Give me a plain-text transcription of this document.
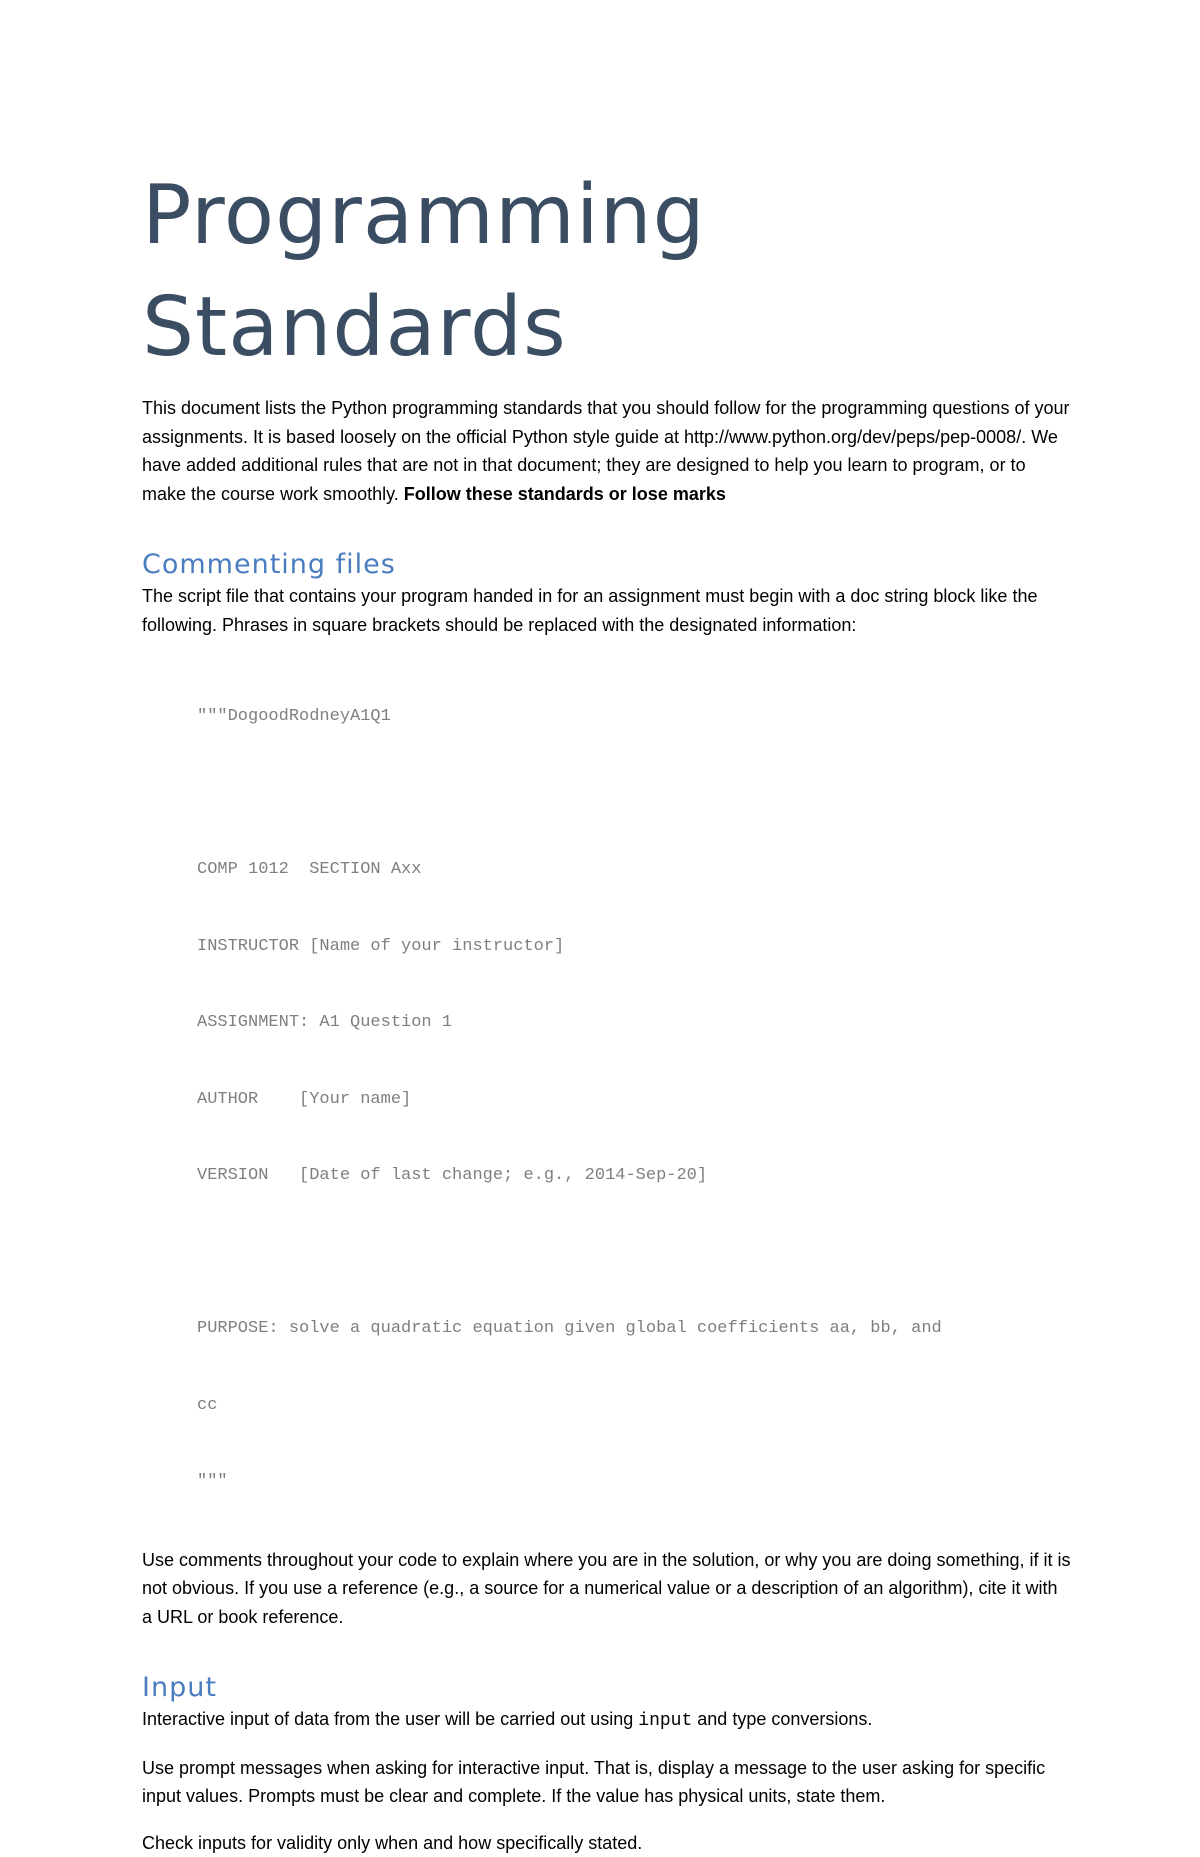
Programming
Standards

This document lists the Python programming standards that you should follow for the programming questions of your assignments. It is based loosely on the official Python style guide at http://www.python.org/dev/peps/pep-0008/. We have added additional rules that are not in that document; they are designed to help you learn to program, or to make the course work smoothly. Follow these standards or lose marks

Commenting files

The script file that contains your program handed in for an assignment must begin with a doc string block like the following. Phrases in square brackets should be replaced with the designated information:

"""DogoodRodneyA1Q1

COMP 1012  SECTION Axx

INSTRUCTOR [Name of your instructor]

ASSIGNMENT: A1 Question 1

AUTHOR    [Your name]

VERSION   [Date of last change; e.g., 2014-Sep-20]

PURPOSE: solve a quadratic equation given global coefficients aa, bb, and

cc

"""

Use comments throughout your code to explain where you are in the solution, or why you are doing something, if it is not obvious. If you use a reference (e.g., a source for a numerical value or a description of an algorithm), cite it with a URL or book reference.

Input

Interactive input of data from the user will be carried out using input and type conversions.

Use prompt messages when asking for interactive input. That is, display a message to the user asking for specific input values. Prompts must be clear and complete. If the value has physical units, state them.

Check inputs for validity only when and how specifically stated.
